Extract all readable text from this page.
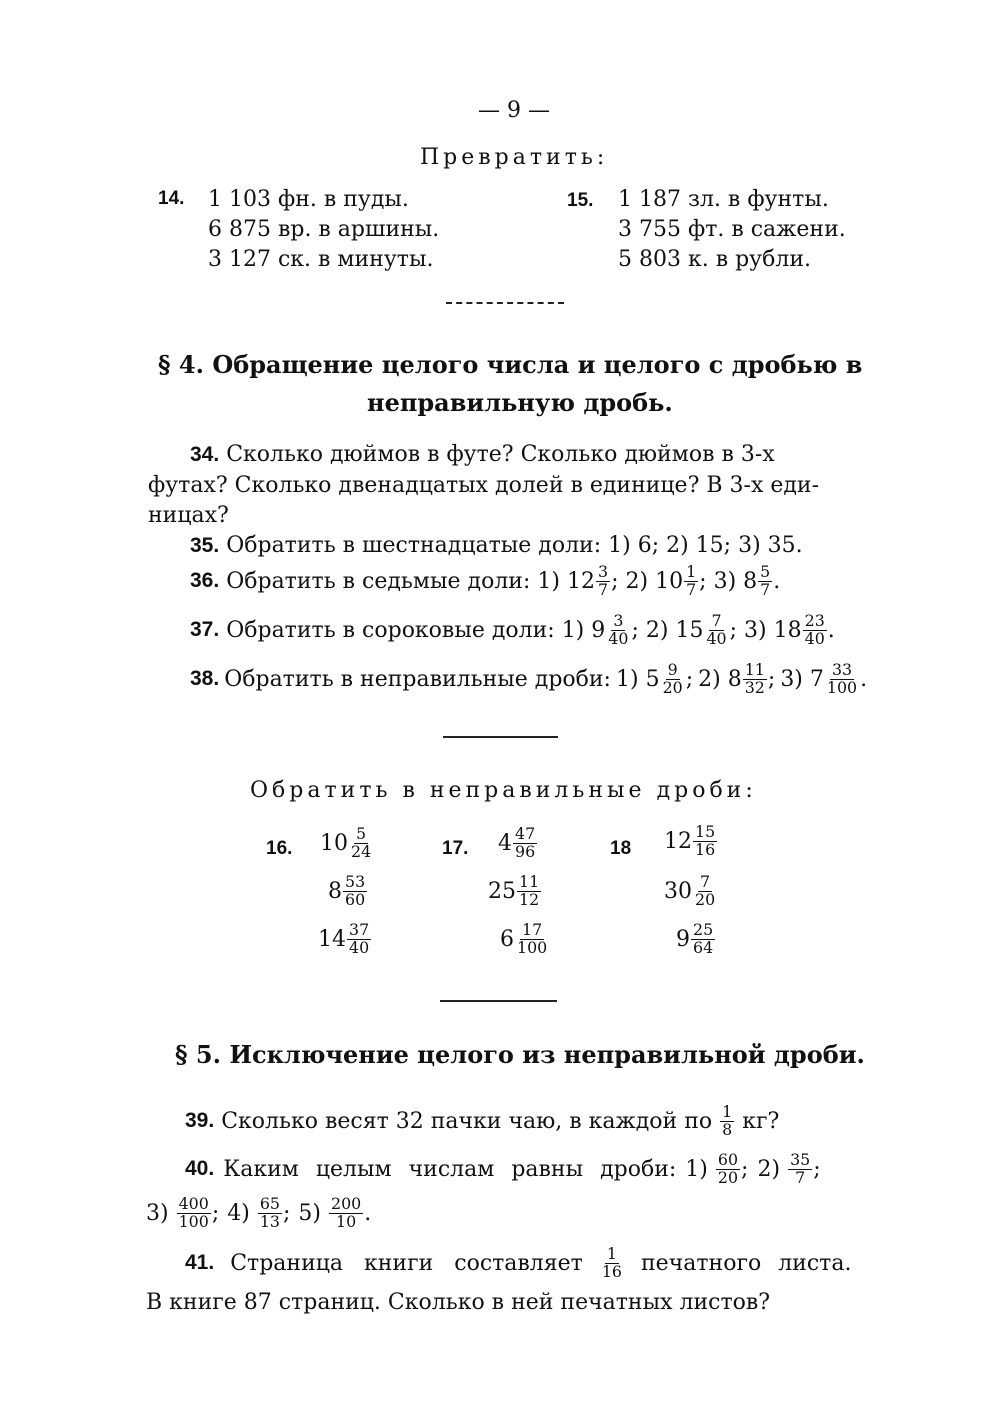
— 9 —
Превратить:
14. 1 103 фн. в пуды.
6 875 вр. в аршины.
3 127 ск. в минуты.
15. 1 187 зл. в фунты.
3 755 фт. в сажени.
5 803 к. в рубли.
§ 4. Обращение целого числа и целого с дробью в
неправильную дробь.
34. Сколько дюймов в футе? Сколько дюймов в 3-х
футах? Сколько двенадцатых долей в единице? В 3-х еди-
ницах?
35. Обратить в шестнадцатые доли: 1) 6; 2) 15; 3) 35.
36. Обратить в седьмые доли: 1)
$12 \frac{3}{7}$ ; 2)
$10 \frac{1}{7}$ ; 3)
$8 \frac{5}{7}$ .
37. Обратить в сороковые доли: 1)
$9 \frac{3}{40}$ ; 2)
$15 \frac{7}{40}$ ; 3)
$18 \frac{23}{40}$ .
38. Обратить в неправильные дроби: 1)
$5 \frac{9}{20}$ ; 2)
$8 \frac{11}{32}$ ; 3)
$7 \frac{33}{100}$ .
Обратить в неправильные дроби:
16. $10 \frac{5}{24}$
$8 \frac{53}{60}$
$14 \frac{37}{40}$
17. $4 \frac{47}{96}$
$25 \frac{11}{12}$
$6 \frac{17}{100}$
18 $12 \frac{15}{16}$
$30 \frac{7}{20}$
$9 \frac{25}{64}$
§ 5. Исключение целого из неправильной дроби.
39. Сколько весят 32 пачки чаю, в каждой по $\frac{1}{8}$ кг?
40. Каким целым числам равны дроби: 1)
$\frac{60}{20}$ ; 2)
$\frac{35}{7}$ ;
3)
$\frac{400}{100}$ ; 4)
$\frac{65}{13}$ ; 5)
$\frac{200}{10}$ .
41. Страница книги составляет $\frac{1}{16}$ печатного листа.
В книге 87 страниц. Сколько в ней печатных листов?
